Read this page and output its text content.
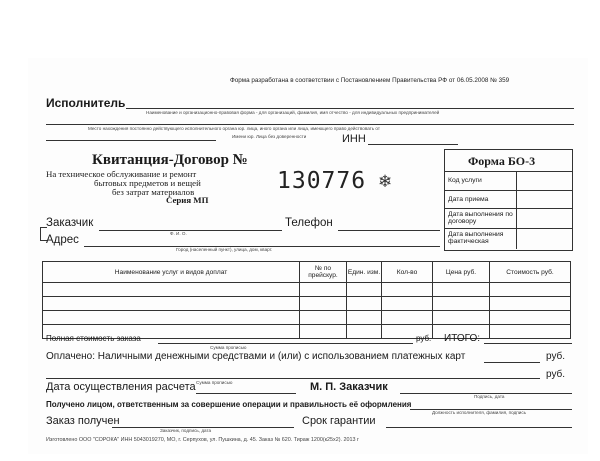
Форма разработана в соответствии с Постановлением Правительства РФ от 06.05.2008 № 359
Исполнитель
Наименование и организационно-правовая форма - для организаций, фамилия, имя отчество - для индивидуальных предпринимателей
Место нахождения постоянно действующего исполнительного органа юр. лица, иного органа или лица, имеющего право действовать от
Имени юр. Лица без доверенности	ИНН
Квитанция-Договор №
На техническое обслуживание и ремонт
бытовых предметов и вещей
без затрат материалов
Серия МП
130776 ❄
Форма БО-3
Код услуги
Дата приема
Дата выполнения по договору
Дата выполнения фактическая
Заказчик
Ф. И. О.
Телефон
Адрес
Город (населенный пункт), улица, дом, кварт.
Наименование услуг и видов доплат	№ по прейскур.	Един. изм.	Кол-во	Цена руб.	Стоимость руб.

Полная стоимость заказа
Сумма прописью
руб. ИТОГО:
Оплачено: Наличными денежными средствами и (или) с использованием платежных карт	руб.
руб.
Сумма прописью
Дата осуществления расчета	М. П. Заказчик
Подпись, дата
Получено лицом, ответственным за совершение операции и правильность её оформления
Должность исполнителя, фамилия, подпись
Заказ получен
Заказчик, подпись, дата
Срок гарантии
Изготовлено ООО "СОРОКА" ИНН 5043019270, МО, г. Серпухов, ул. Пушкина, д. 45. Заказ № 620. Тираж 1200(к25х2). 2013 г
